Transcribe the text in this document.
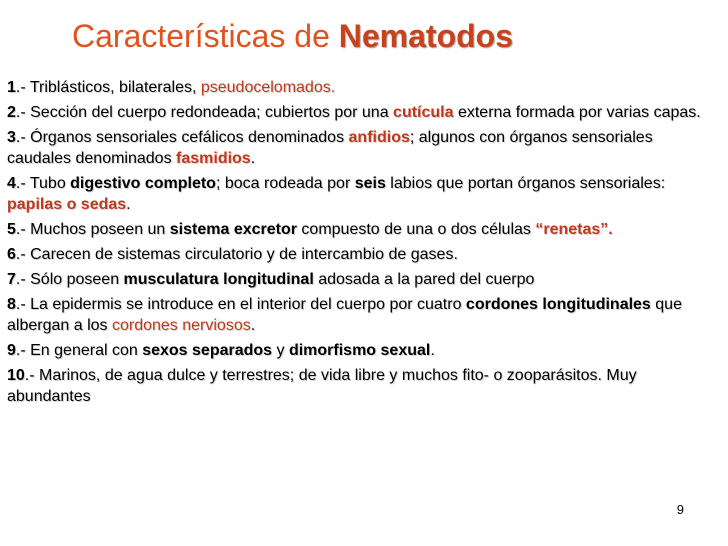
Características de Nematodos
1.- Triblásticos, bilaterales, pseudocelomados.
2.- Sección del cuerpo redondeada; cubiertos por una cutícula externa formada por varias capas.
3.- Órganos sensoriales cefálicos denominados anfidios; algunos con órganos sensoriales caudales denominados fasmidios.
4.- Tubo digestivo completo; boca rodeada por seis labios que portan órganos sensoriales: papilas o sedas.
5.- Muchos poseen un sistema excretor compuesto de una o dos células “renetas”.
6.- Carecen de sistemas circulatorio y de intercambio de gases.
7.- Sólo poseen musculatura longitudinal adosada a la pared del cuerpo
8.- La epidermis se introduce en el interior del cuerpo por cuatro cordones longitudinales que albergan a los cordones nerviosos.
9.- En general con sexos separados y dimorfismo sexual.
10.- Marinos, de agua dulce y terrestres; de vida libre y muchos fito- o zooparásitos. Muy abundantes
9
